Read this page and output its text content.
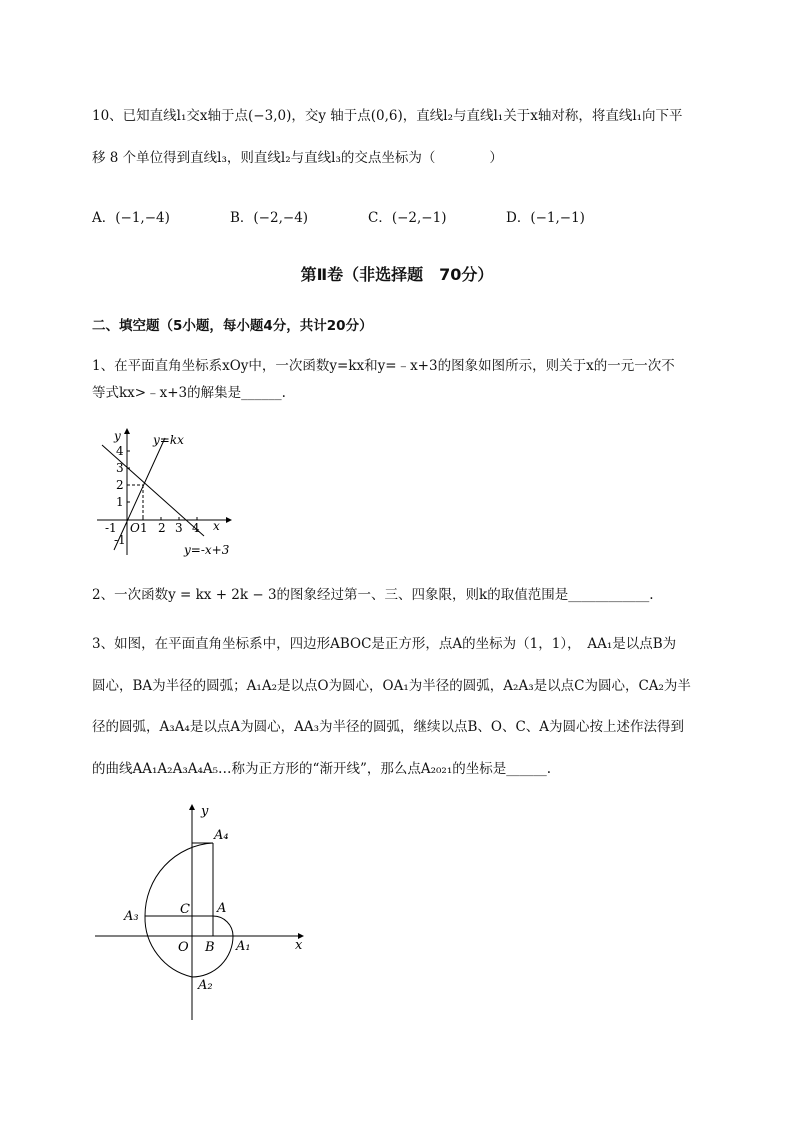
10、已知直线l₁交x轴于点(−3,0)，交y 轴于点(0,6)，直线l₂与直线l₁关于x轴对称，将直线l₁向下平
移 8 个单位得到直线l₃，则直线l₂与直线l₃的交点坐标为（　　　　）
A．(−1,−4)	B．(−2,−4)	C．(−2,−1)	D．(−1,−1)
第Ⅱ卷（非选择题　70分）
二、填空题（5小题，每小题4分，共计20分）
1、在平面直角坐标系xOy中，一次函数y=kx和y=﹣x+3的图象如图所示，则关于x的一元一次不
等式kx>﹣x+3的解集是______.
y
x
O
y=kx
y=-x+3
-1 1 2 3 4
4
3
2
1
-1
2、一次函数y = kx + 2k − 3的图象经过第一、三、四象限，则k的取值范围是____________.
3、如图，在平面直角坐标系中，四边形ABOC是正方形，点A的坐标为（1，1），　AA₁是以点B为
圆心，BA为半径的圆弧；A₁A₂是以点O为圆心，OA₁为半径的圆弧，A₂A₃是以点C为圆心，CA₂为半
径的圆弧，A₃A₄是以点A为圆心，AA₃为半径的圆弧，继续以点B、O、C、A为圆心按上述作法得到
的曲线AA₁A₂A₃A₄A₅…称为正方形的“渐开线”，那么点A₂₀₂₁的坐标是______.
y
x
O B
C A
A₁
A₂
A₃
A₄
